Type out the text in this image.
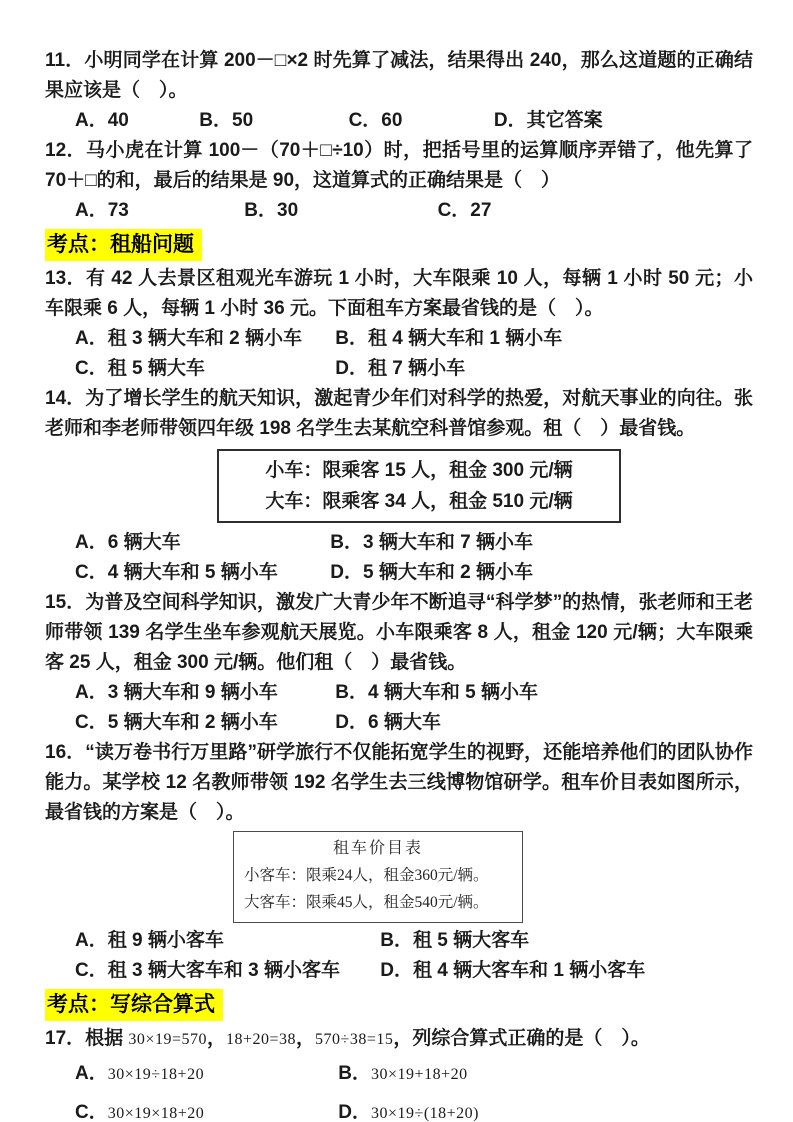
11．小明同学在计算 200－□×2 时先算了减法，结果得出 240，那么这道题的正确结果应该是（　）。

A．40	B．50	C．60	D．其它答案

12．马小虎在计算 100－（70＋□÷10）时，把括号里的运算顺序弄错了，他先算了 70＋□的和，最后的结果是 90，这道算式的正确结果是（　）

A．73	B．30	C．27
考点：租船问题

13．有 42 人去景区租观光车游玩 1 小时，大车限乘 10 人，每辆 1 小时 50 元；小车限乘 6 人，每辆 1 小时 36 元。下面租车方案最省钱的是（　）。

A．租 3 辆大车和 2 辆小车 B．租 4 辆大车和 1 辆小车
C．租 5 辆大车	D．租 7 辆小车

14．为了增长学生的航天知识，激起青少年们对科学的热爱，对航天事业的向往。张老师和李老师带领四年级 198 名学生去某航空科普馆参观。租（　）最省钱。

小车：限乘客 15 人，租金 300 元/辆
大车：限乘客 34 人，租金 510 元/辆
A．6 辆大车	B．3 辆大车和 7 辆小车
C．4 辆大车和 5 辆小车	D．5 辆大车和 2 辆小车

15．为普及空间科学知识，激发广大青少年不断追寻“科学梦”的热情，张老师和王老师带领 139 名学生坐车参观航天展览。小车限乘客 8 人，租金 120 元/辆；大车限乘客 25 人，租金 300 元/辆。他们租（　）最省钱。

A．3 辆大车和 9 辆小车	B．4 辆大车和 5 辆小车
C．5 辆大车和 2 辆小车	D．6 辆大车

16．“读万卷书行万里路”研学旅行不仅能拓宽学生的视野，还能培养他们的团队协作能力。某学校 12 名教师带领 192 名学生去三线博物馆研学。租车价目表如图所示，最省钱的方案是（　）。

租车价目表
小客车：限乘24人，租金360元/辆。
大客车：限乘45人，租金540元/辆。
A．租 9 辆小客车	B．租 5 辆大客车
C．租 3 辆大客车和 3 辆小客车 D．租 4 辆大客车和 1 辆小客车
考点：写综合算式

17．根据 30×19=570，18+20=38，570÷38=15，列综合算式正确的是（　）。

A．30×19÷18+20	B．30×19+18+20
C．30×19×18+20	D．30×19÷(18+20)
